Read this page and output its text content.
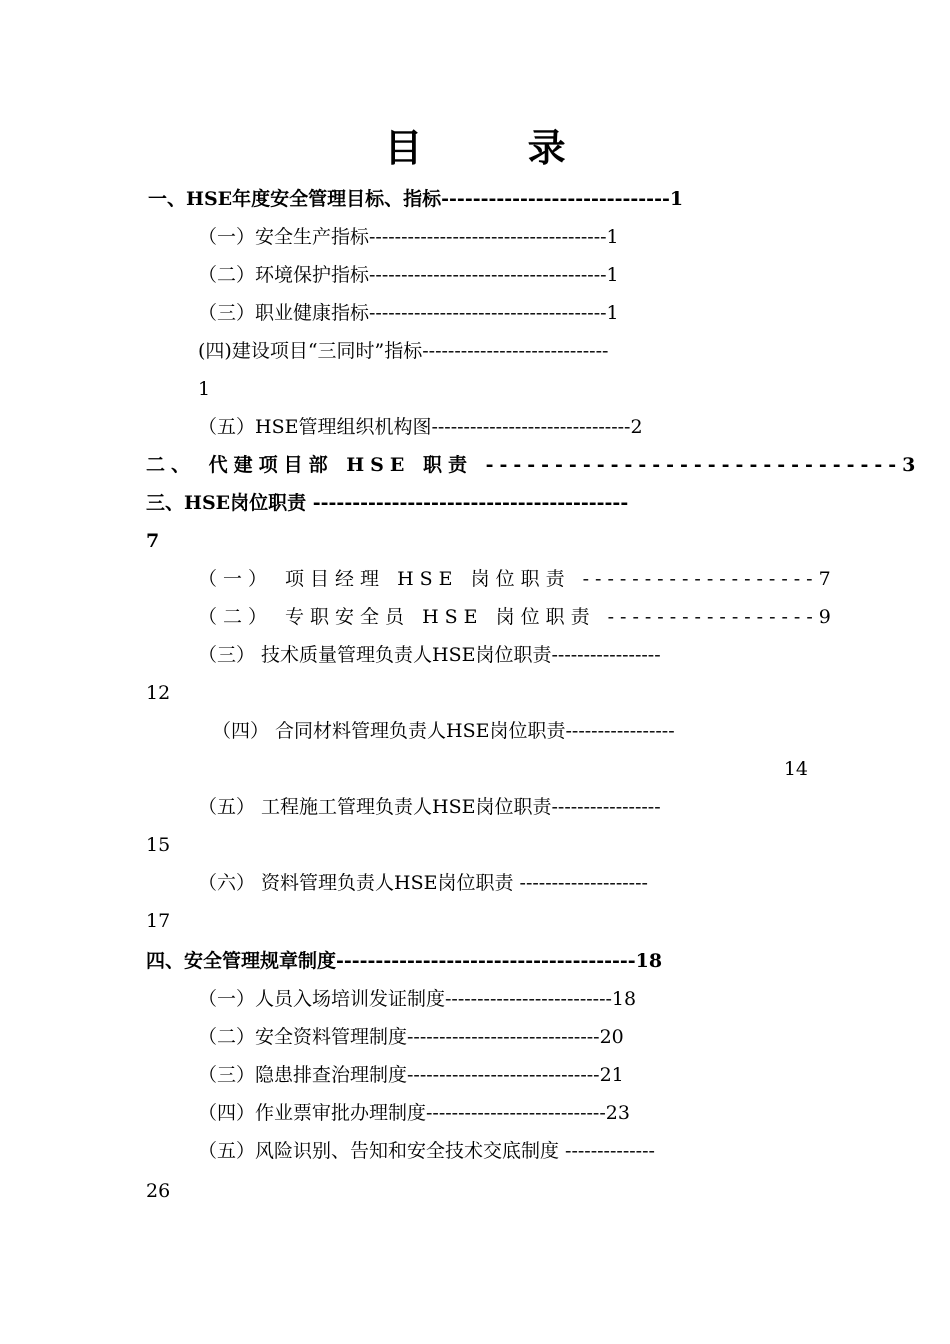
目 录
一、HSE年度安全管理目标、指标-----------------------------1
（一）安全生产指标-------------------------------------1
（二）环境保护指标-------------------------------------1
（三）职业健康指标-------------------------------------1
(四)建设项目“三同时”指标-----------------------------
1
（五）HSE管理组织机构图-------------------------------2
二、 代建项目部 HSE 职责 ------------------------------3
三、HSE岗位职责 ----------------------------------------
7
（一） 项目经理 HSE 岗位职责 -------------------7
（二） 专职安全员 HSE 岗位职责 -----------------9
（三） 技术质量管理负责人HSE岗位职责-----------------
12
（四） 合同材料管理负责人HSE岗位职责-----------------
14
（五） 工程施工管理负责人HSE岗位职责-----------------
15
（六） 资料管理负责人HSE岗位职责 --------------------
17
四、安全管理规章制度--------------------------------------18
（一）人员入场培训发证制度--------------------------18
（二）安全资料管理制度------------------------------20
（三）隐患排查治理制度------------------------------21
（四）作业票审批办理制度----------------------------23
（五）风险识别、告知和安全技术交底制度 --------------
26
